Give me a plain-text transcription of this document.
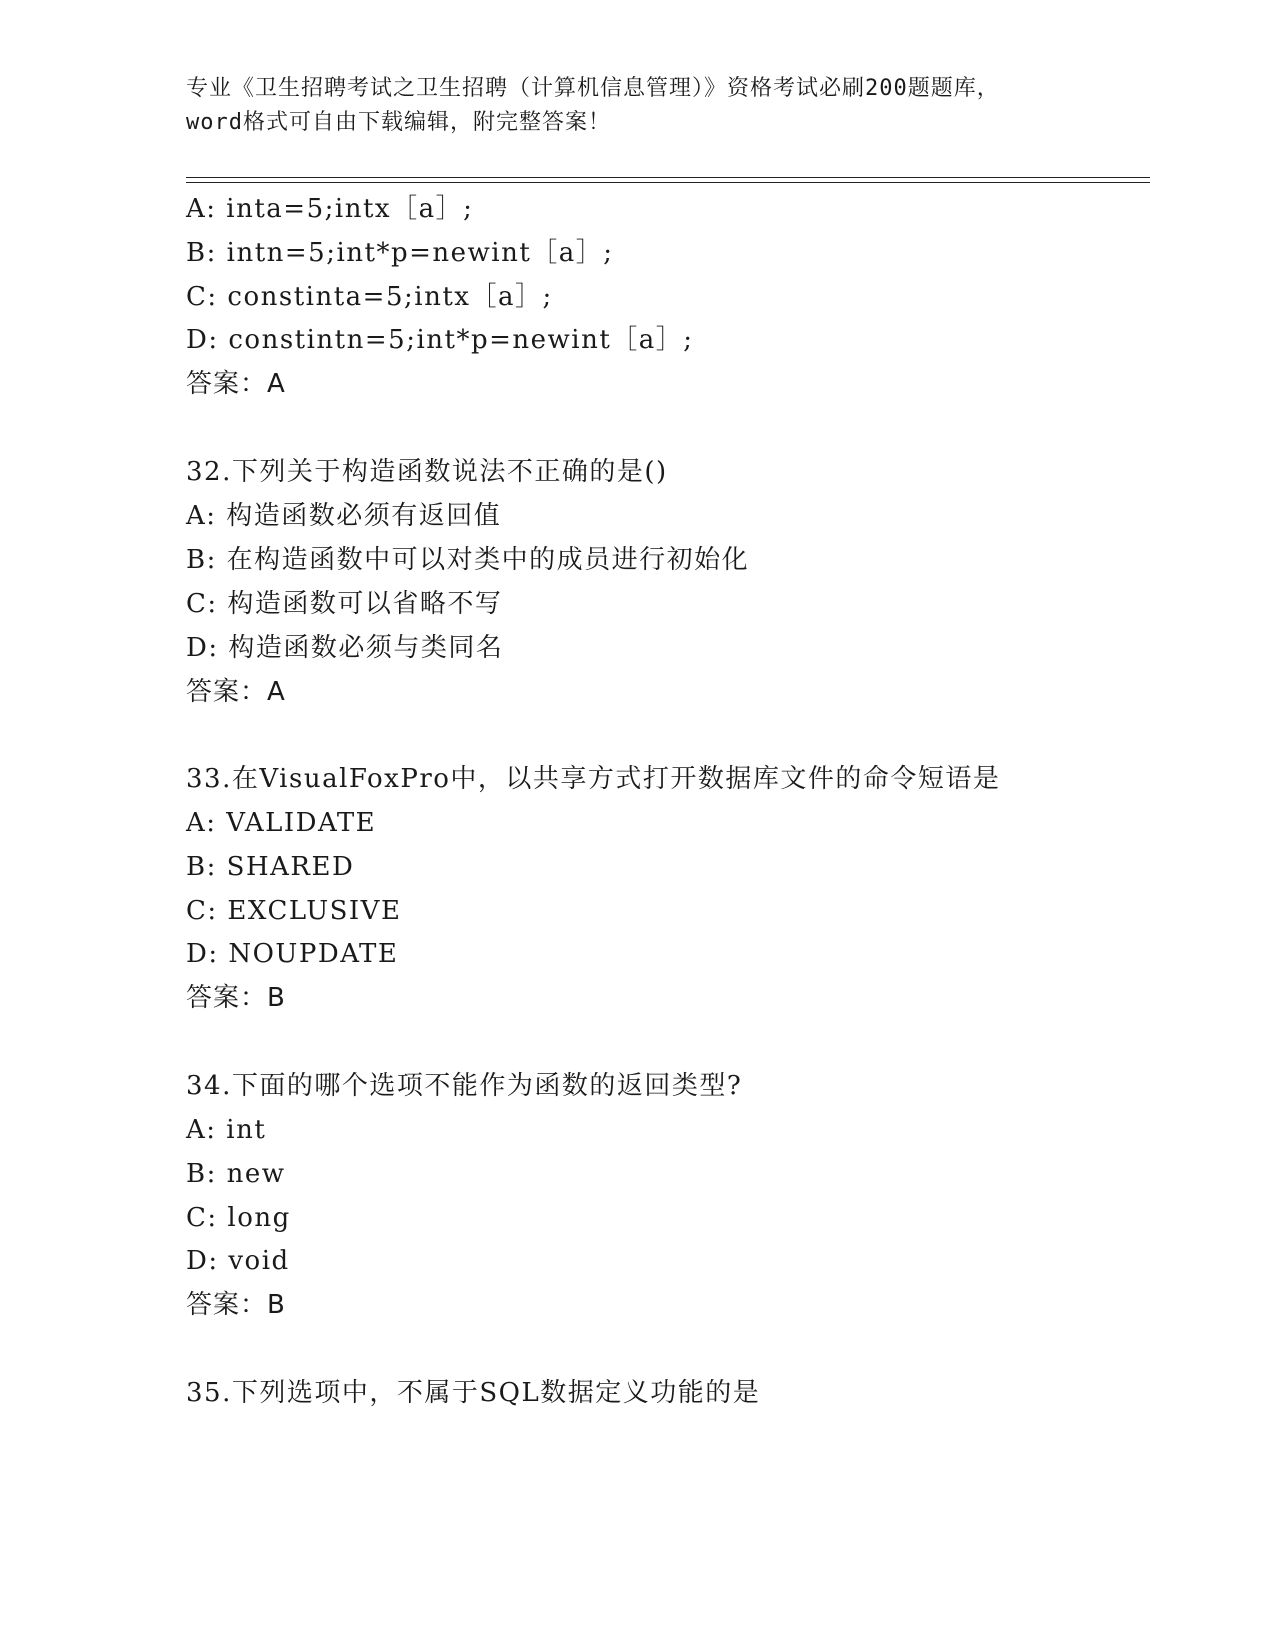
专业《卫生招聘考试之卫生招聘（计算机信息管理）》资格考试必刷200题题库，
word格式可自由下载编辑，附完整答案！
A: inta=5;intx［a］;
B: intn=5;int*p=newint［a］;
C: constinta=5;intx［a］;
D: constintn=5;int*p=newint［a］;
答案：A
32.下列关于构造函数说法不正确的是()
A: 构造函数必须有返回值
B: 在构造函数中可以对类中的成员进行初始化
C: 构造函数可以省略不写
D: 构造函数必须与类同名
答案：A
33.在VisualFoxPro中，以共享方式打开数据库文件的命令短语是
A: VALIDATE
B: SHARED
C: EXCLUSIVE
D: NOUPDATE
答案：B
34.下面的哪个选项不能作为函数的返回类型?
A: int
B: new
C: long
D: void
答案：B
35.下列选项中，不属于SQL数据定义功能的是
